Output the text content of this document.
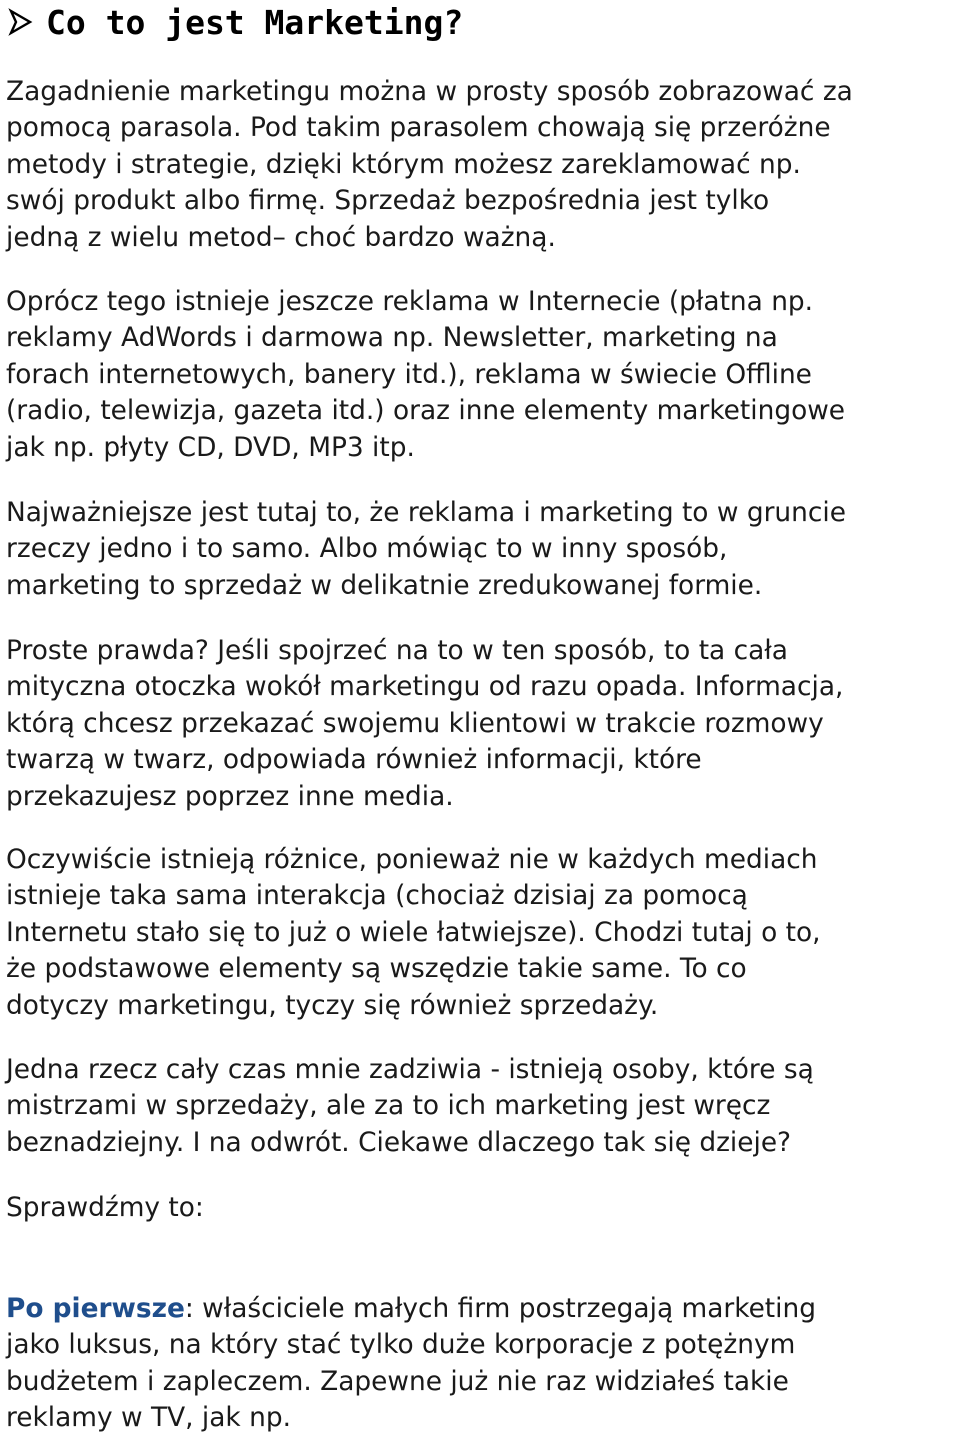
Co to jest Marketing?

Zagadnienie marketingu można w prosty sposób zobrazować za
pomocą parasola. Pod takim parasolem chowają się przeróżne
metody i strategie, dzięki którym możesz zareklamować np.
swój produkt albo firmę. Sprzedaż bezpośrednia jest tylko
jedną z wielu metod– choć bardzo ważną.

Oprócz tego istnieje jeszcze reklama w Internecie (płatna np.
reklamy AdWords i darmowa np. Newsletter, marketing na
forach internetowych, banery itd.), reklama w świecie Offline
(radio, telewizja, gazeta itd.) oraz inne elementy marketingowe
jak np. płyty CD, DVD, MP3 itp.

Najważniejsze jest tutaj to, że reklama i marketing to w gruncie
rzeczy jedno i to samo. Albo mówiąc to w inny sposób,
marketing to sprzedaż w delikatnie zredukowanej formie.

Proste prawda? Jeśli spojrzeć na to w ten sposób, to ta cała
mityczna otoczka wokół marketingu od razu opada. Informacja,
którą chcesz przekazać swojemu klientowi w trakcie rozmowy
twarzą w twarz, odpowiada również informacji, które
przekazujesz poprzez inne media.

Oczywiście istnieją różnice, ponieważ nie w każdych mediach
istnieje taka sama interakcja (chociaż dzisiaj za pomocą
Internetu stało się to już o wiele łatwiejsze). Chodzi tutaj o to,
że podstawowe elementy są wszędzie takie same. To co
dotyczy marketingu, tyczy się również sprzedaży.

Jedna rzecz cały czas mnie zadziwia - istnieją osoby, które są
mistrzami w sprzedaży, ale za to ich marketing jest wręcz
beznadziejny. I na odwrót. Ciekawe dlaczego tak się dzieje?

Sprawdźmy to:

Po pierwsze: właściciele małych firm postrzegają marketing
jako luksus, na który stać tylko duże korporacje z potężnym
budżetem i zapleczem. Zapewne już nie raz widziałeś takie
reklamy w TV, jak np.
